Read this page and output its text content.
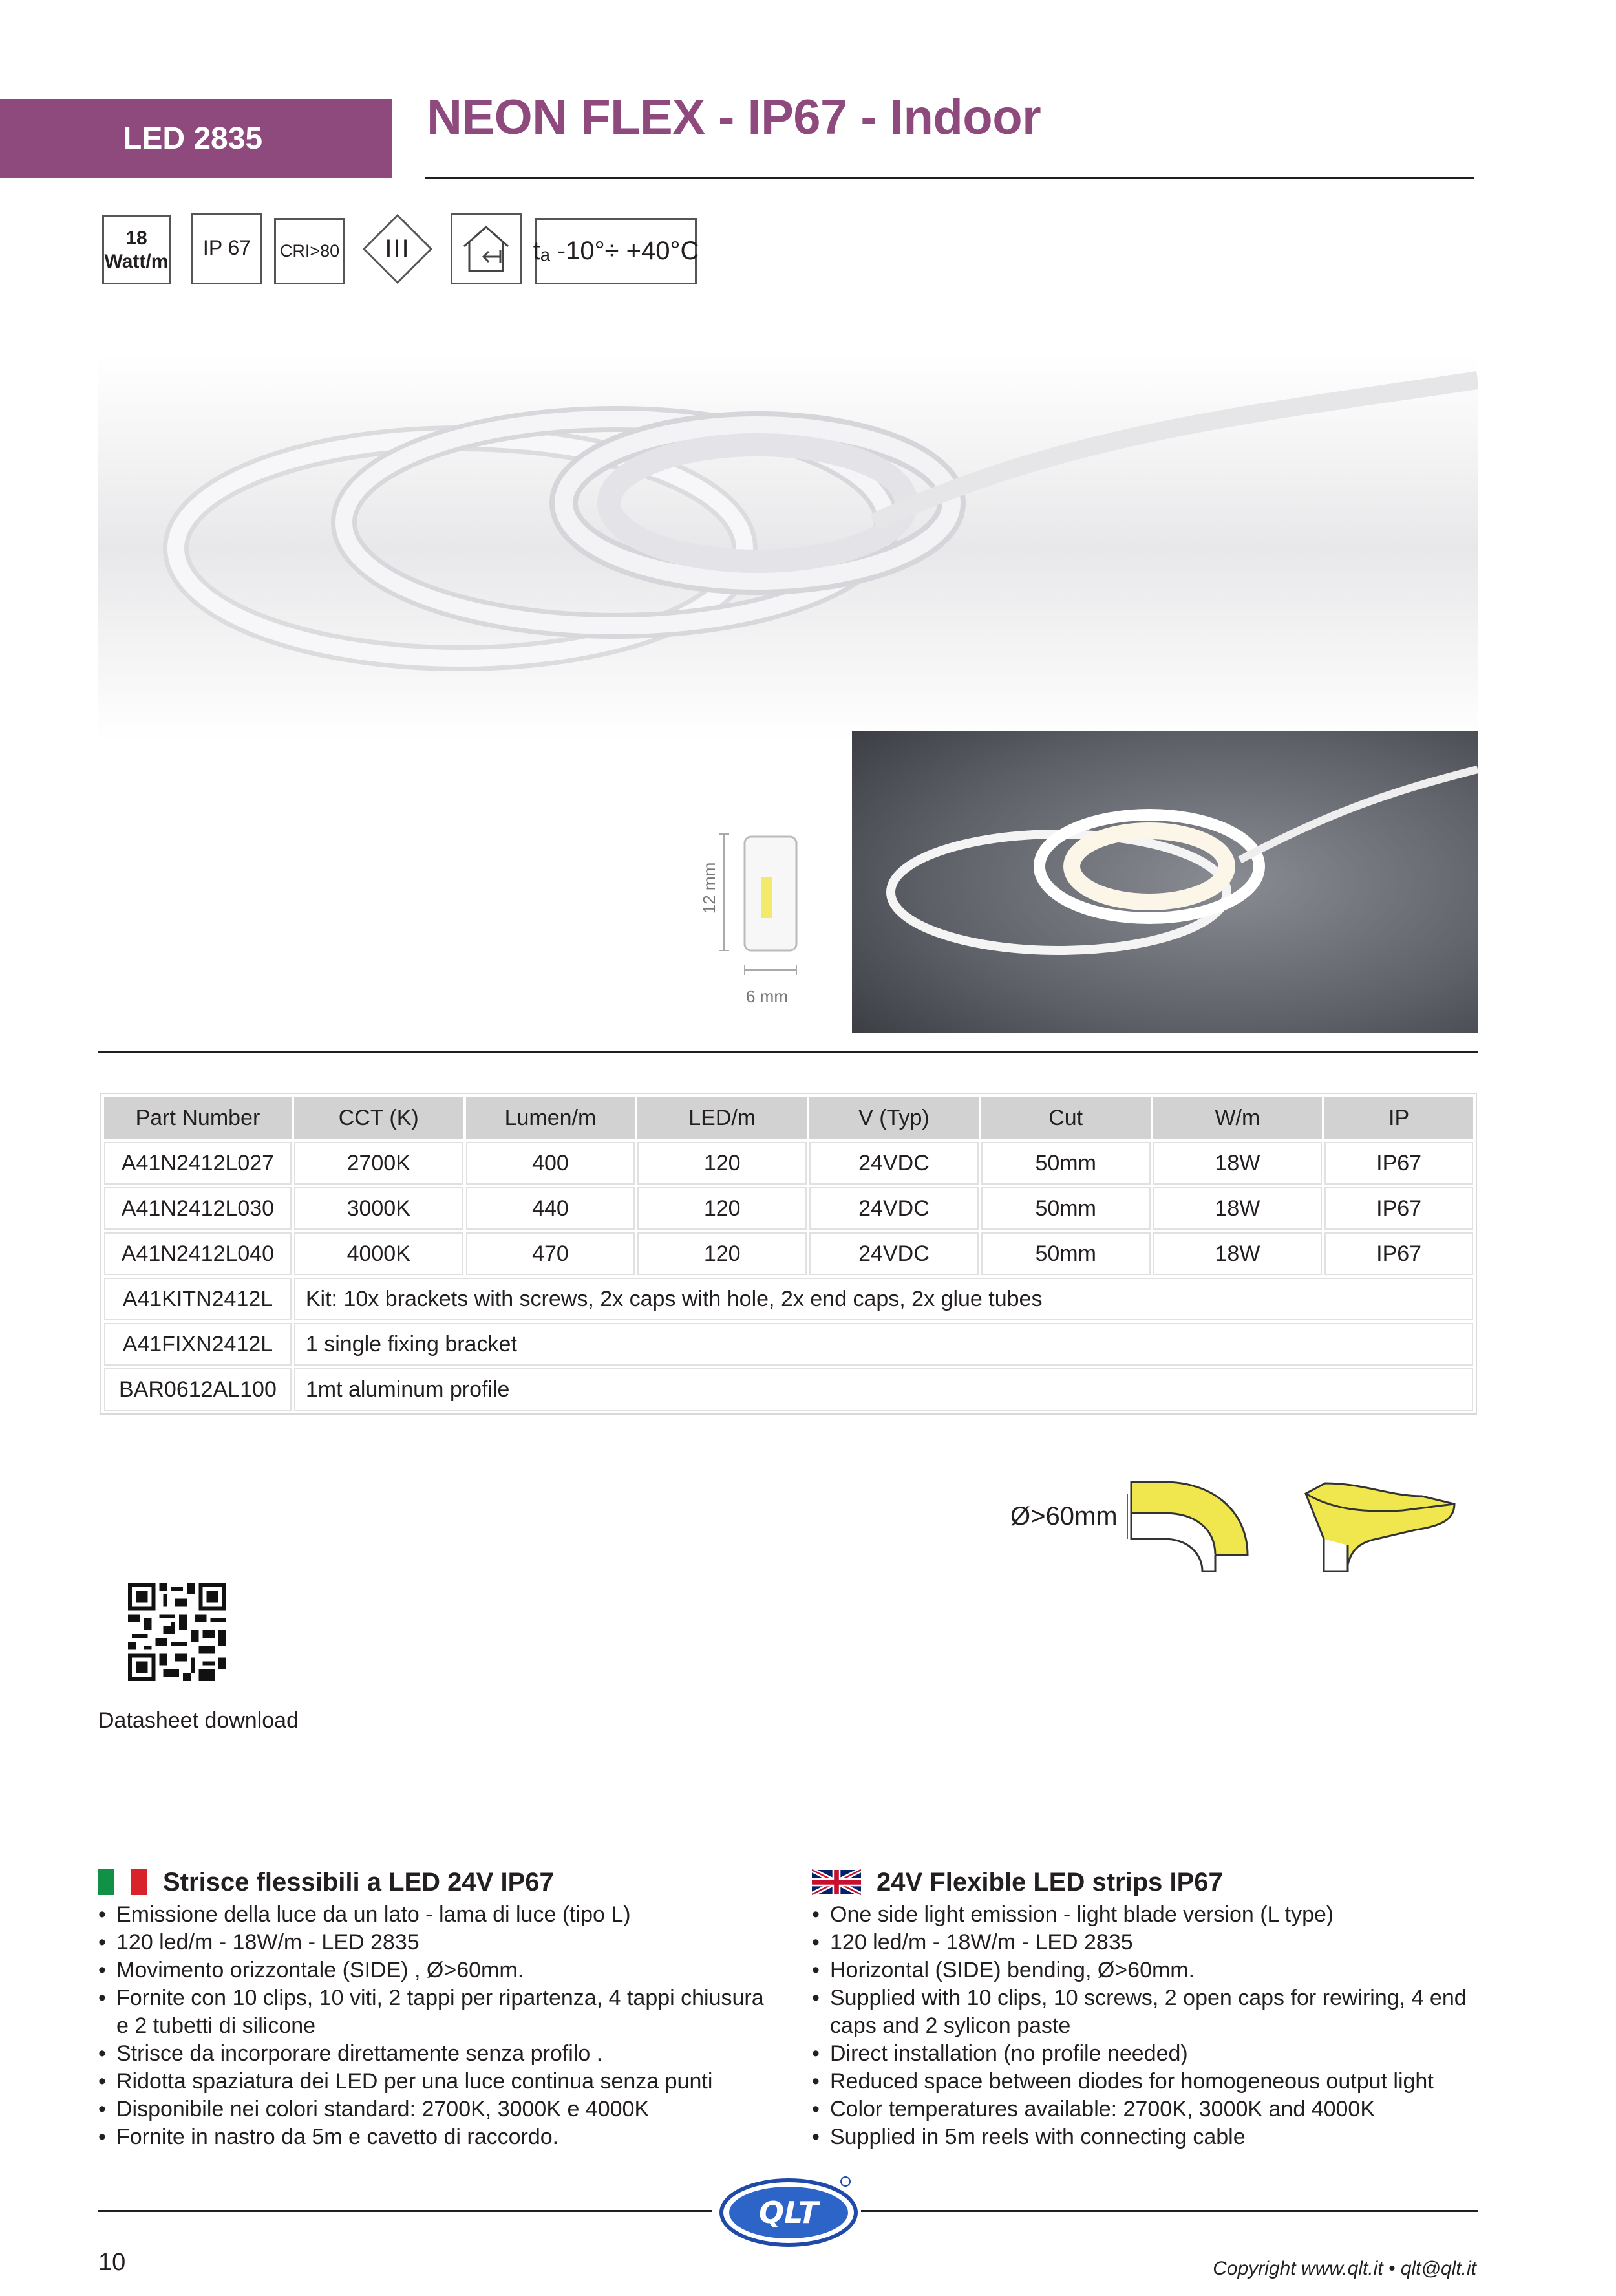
LED 2835	NEON FLEX - IP67 - Indoor
18
Watt/m
IP 67 CRI>80 III	tₐ -10°÷ +40°C
12 mm
6 mm
Part Number	CCT (K)	Lumen/m	LED/m	V (Typ)	Cut	W/m	IP
A41N2412L027	2700K	400	120	24VDC	50mm	18W	IP67
A41N2412L030	3000K	440	120	24VDC	50mm	18W	IP67
A41N2412L040	4000K	470	120	24VDC	50mm	18W	IP67
A41KITN2412L	Kit: 10x brackets with screws, 2x caps with hole, 2x end caps, 2x glue tubes						
A41FIXN2412L	1 single fixing bracket						
BAR0612AL100	1mt aluminum profile						
Ø>60mm
Datasheet download
Strisce flessibili a LED 24V IP67
• Emissione della luce da un lato - lama di luce (tipo L)
• 120 led/m - 18W/m - LED 2835
• Movimento orizzontale (SIDE) , Ø>60mm.
• Fornite con 10 clips, 10 viti, 2 tappi per ripartenza, 4 tappi chiusura e 2 tubetti di silicone
• Strisce da incorporare direttamente senza profilo .
• Ridotta spaziatura dei LED per una luce continua senza punti
• Disponibile nei colori standard: 2700K, 3000K e 4000K
• Fornite in nastro da 5m e cavetto di raccordo.
24V Flexible LED strips IP67
• One side light emission - light blade version (L type)
• 120 led/m - 18W/m - LED 2835
• Horizontal (SIDE) bending, Ø>60mm.
• Supplied with 10 clips, 10 screws, 2 open caps for rewiring, 4 end caps and 2 sylicon paste
• Direct installation (no profile needed)
• Reduced space between diodes for homogeneous output light
• Color temperatures available: 2700K, 3000K and 4000K
• Supplied in 5m reels with connecting cable
QLT
10	Copyright www.qlt.it • qlt@qlt.it
